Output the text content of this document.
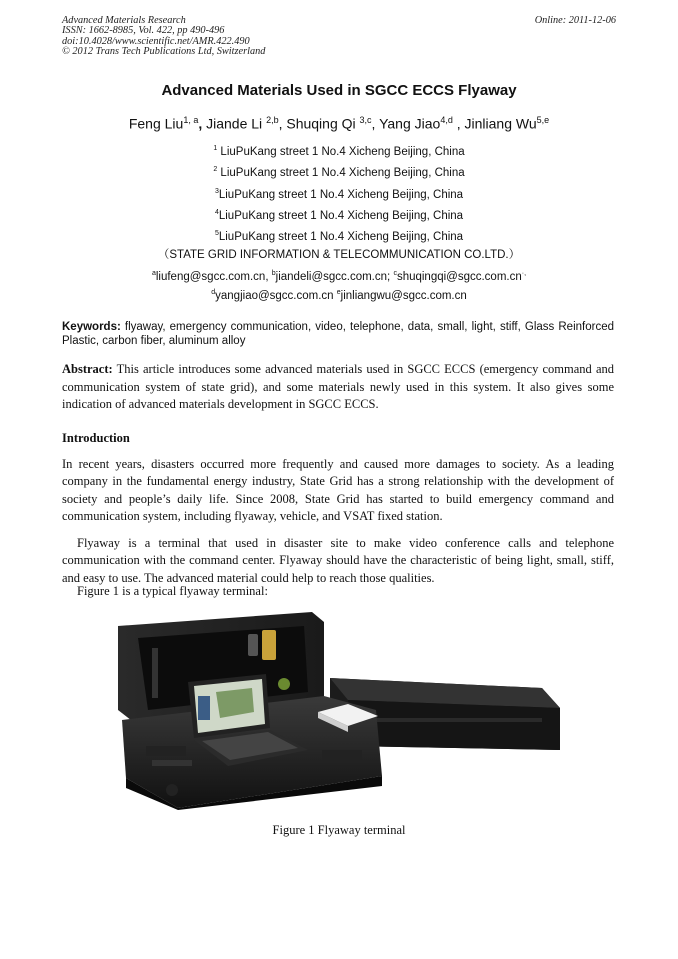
Advanced Materials Research
ISSN: 1662-8985, Vol. 422, pp 490-496
doi:10.4028/www.scientific.net/AMR.422.490
© 2012 Trans Tech Publications Ltd, Switzerland
Online: 2011-12-06
Advanced Materials Used in SGCC ECCS Flyaway
Feng Liu$^{1, a}$, Jiande Li $^{2,b}$, Shuqing Qi $^{3,c}$, Yang Jiao$^{4,d}$ , Jinliang Wu$^{5,e}$
$^1$ LiuPuKang street 1 No.4 Xicheng Beijing, China
$^2$ LiuPuKang street 1 No.4 Xicheng Beijing, China
$^3$LiuPuKang street 1 No.4 Xicheng Beijing, China
$^4$LiuPuKang street 1 No.4 Xicheng Beijing, China
$^5$LiuPuKang street 1 No.4 Xicheng Beijing, China
（STATE GRID INFORMATION & TELECOMMUNICATION CO.LTD.）
$^a$liufeng@sgcc.com.cn, $^b$jiandeli@sgcc.com.cn; $^c$shuqingqi@sgcc.com.cn·,
$^d$yangjiao@sgcc.com.cn $^e$jinliangwu@sgcc.com.cn
Keywords: flyaway, emergency communication, video, telephone, data, small, light, stiff, Glass Reinforced Plastic, carbon fiber, aluminum alloy
Abstract: This article introduces some advanced materials used in SGCC ECCS (emergency command and communication system of state grid), and some materials newly used in this system. It also gives some indication of advanced materials development in SGCC ECCS.
Introduction
In recent years, disasters occurred more frequently and caused more damages to society. As a leading company in the fundamental energy industry, State Grid has a strong relationship with the development of society and people’s daily life. Since 2008, State Grid has started to build emergency command and communication system, including flyaway, vehicle, and VSAT fixed station.
Flyaway is a terminal that used in disaster site to make video conference calls and telephone communication with the command center. Flyaway should have the characteristic of being light, small, stiff, and easy to use. The advanced material could help to reach those qualities.
Figure 1 is a typical flyaway terminal:
Figure 1 Flyaway terminal
